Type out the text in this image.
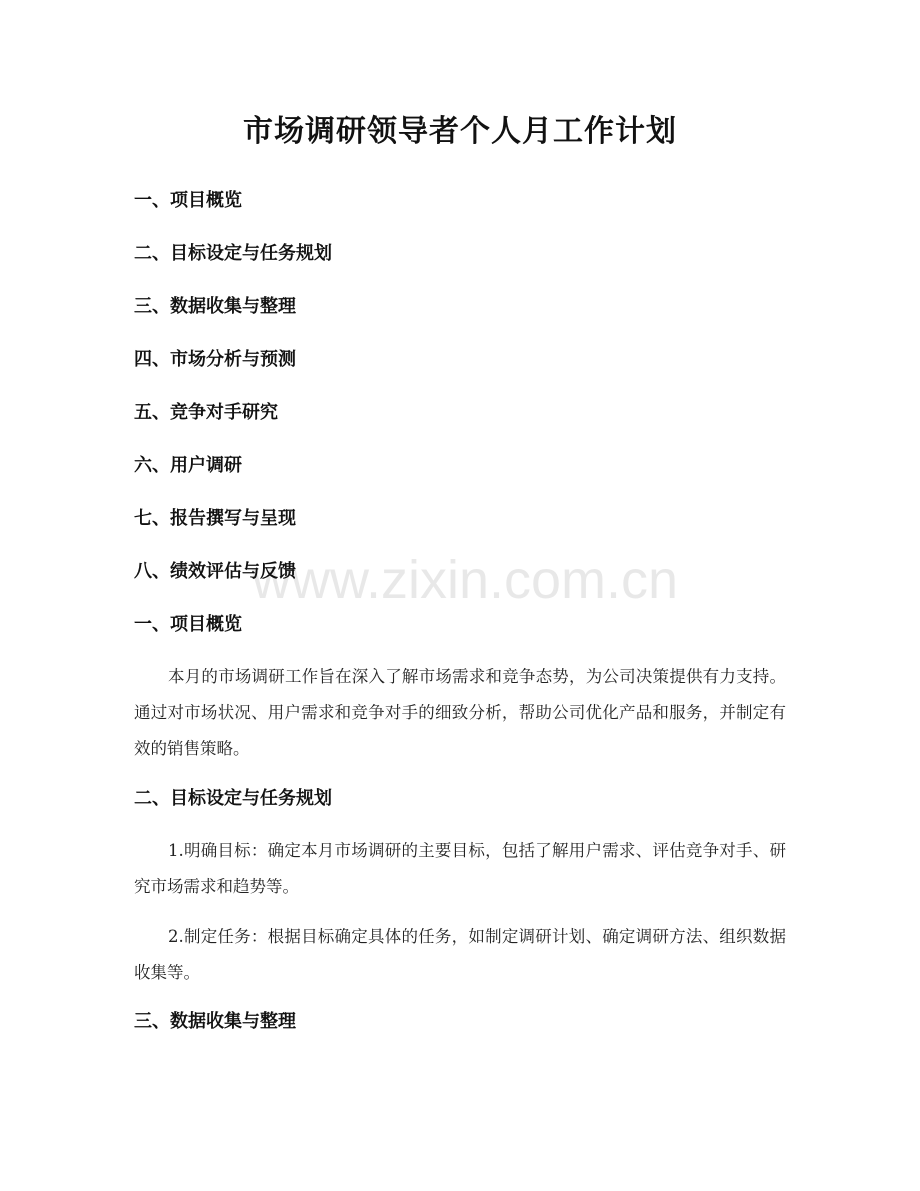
市场调研领导者个人月工作计划
一、项目概览
二、目标设定与任务规划
三、数据收集与整理
四、市场分析与预测
五、竞争对手研究
六、用户调研
七、报告撰写与呈现
八、绩效评估与反馈
一、项目概览

本月的市场调研工作旨在深入了解市场需求和竞争态势，为公司决策提供有力支持。通过对市场状况、用户需求和竞争对手的细致分析，帮助公司优化产品和服务，并制定有效的销售策略。

二、目标设定与任务规划

1.明确目标：确定本月市场调研的主要目标，包括了解用户需求、评估竞争对手、研究市场需求和趋势等。

2.制定任务：根据目标确定具体的任务，如制定调研计划、确定调研方法、组织数据收集等。

三、数据收集与整理
www.zixin.com.cn
